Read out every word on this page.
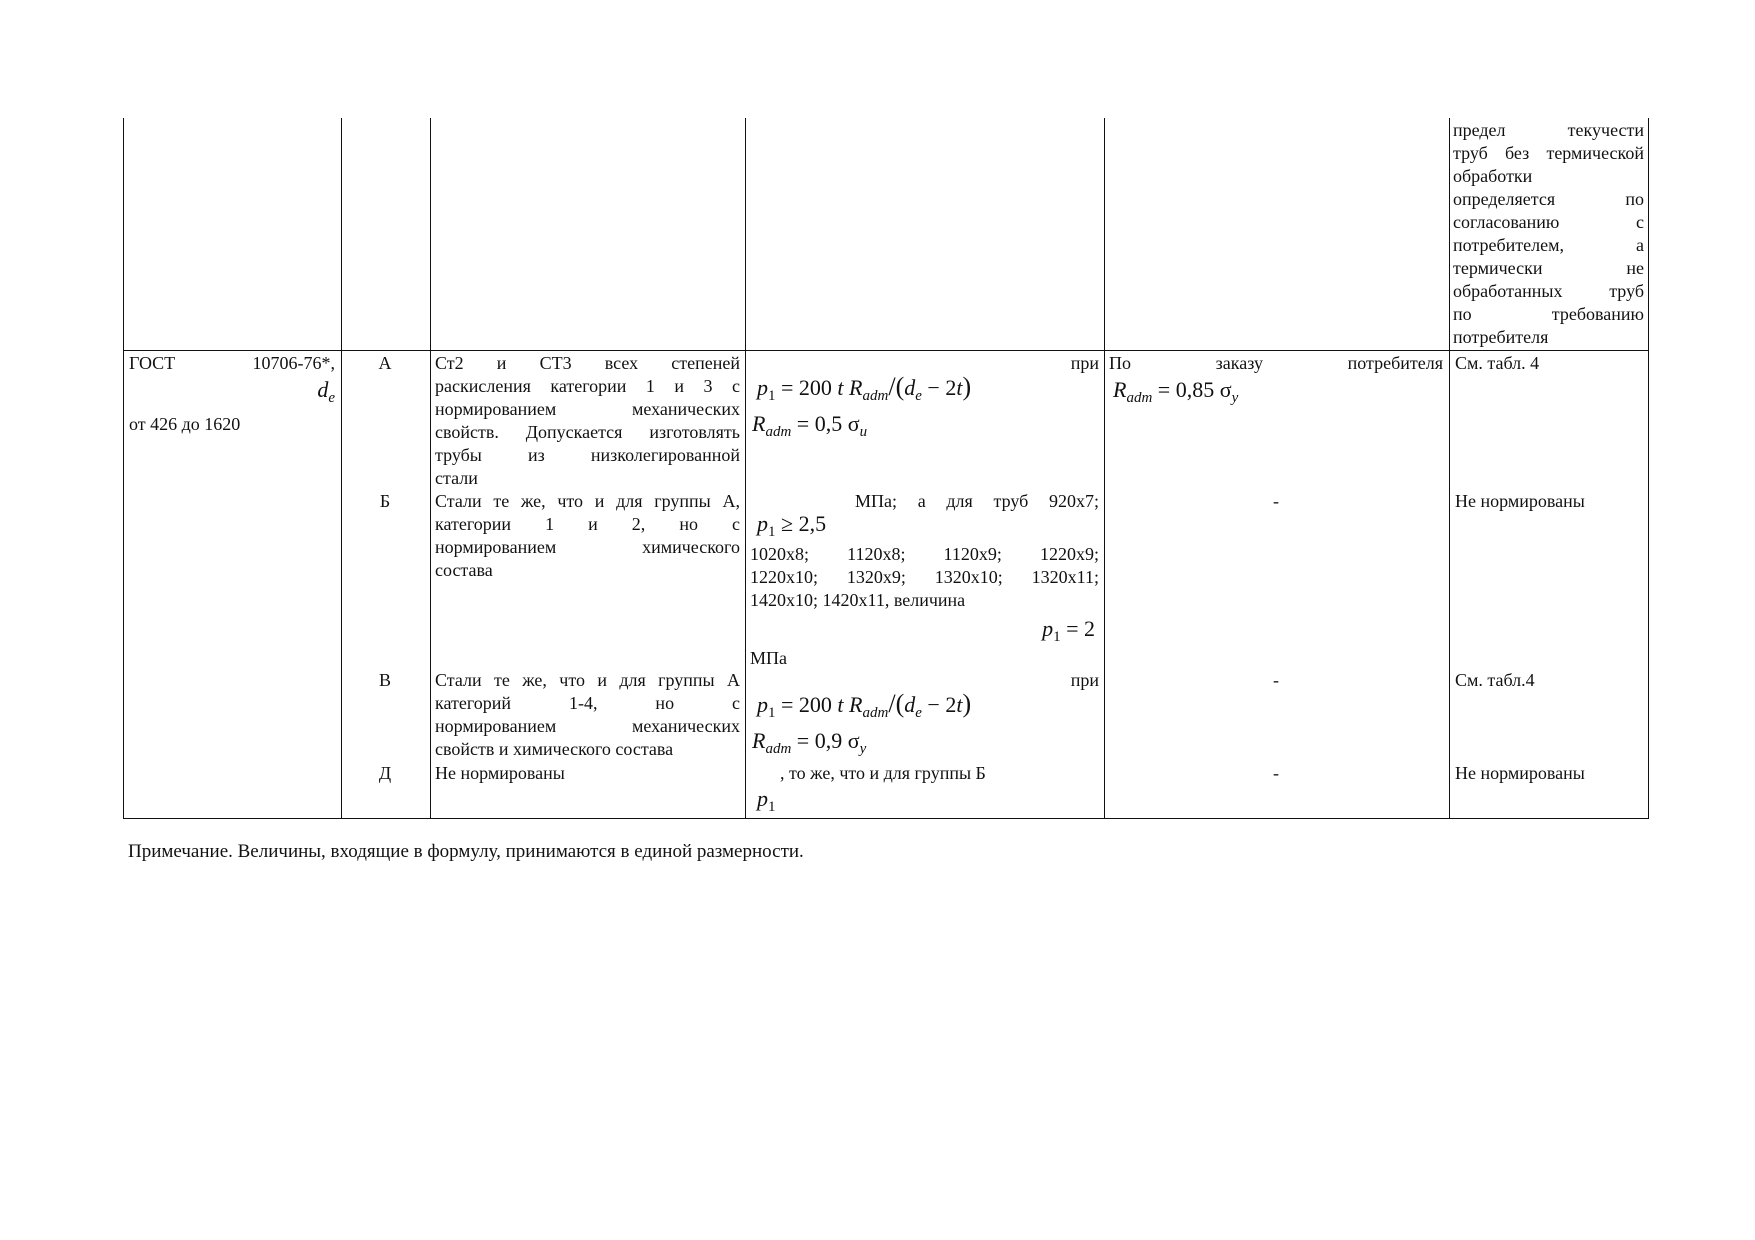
предел текучести
труб без термической
обработки
определяется по
согласованию с
потребителем, а
термически не
обработанных труб
по требованию
потребителя
ГОСТ 10706-76*,
$d_e$
от 426 до 1620
А
Б
В
Д
Ст2 и СТ3 всех степеней
раскисления категории 1 и 3 с
нормированием механических
свойств. Допускается изготовлять
трубы из низколегированной
стали
Стали те же, что и для группы А,
категории 1 и 2, но с
нормированием химического
состава
Стали те же, что и для группы А
категорий 1-4, но с
нормированием механических
свойств и химического состава
Не нормированы
при
$p_1 = 200$ t $R_{adm}/(d_e - 2t)$
$R_{adm} = 0,5$ $\sigma_u$
МПа; а для труб 920х7;
$p_1 \ge 2,5$
1020х8; 1120х8; 1120х9; 1220х9;
1220х10; 1320х9; 1320х10; 1320х11;
1420х10; 1420х11, величина
$p_1 = 2$
МПа
при
$p_1 = 200$ t $R_{adm}/(d_e - 2t)$
$R_{adm} = 0,9$ $\sigma_y$
, то же, что и для группы Б
$p_1$
По заказу потребителя
$R_{adm} = 0,85$ $\sigma_y$
-
-
-
См. табл. 4
Не нормированы
См. табл.4
Не нормированы
Примечание. Величины, входящие в формулу, принимаются в единой размерности.
